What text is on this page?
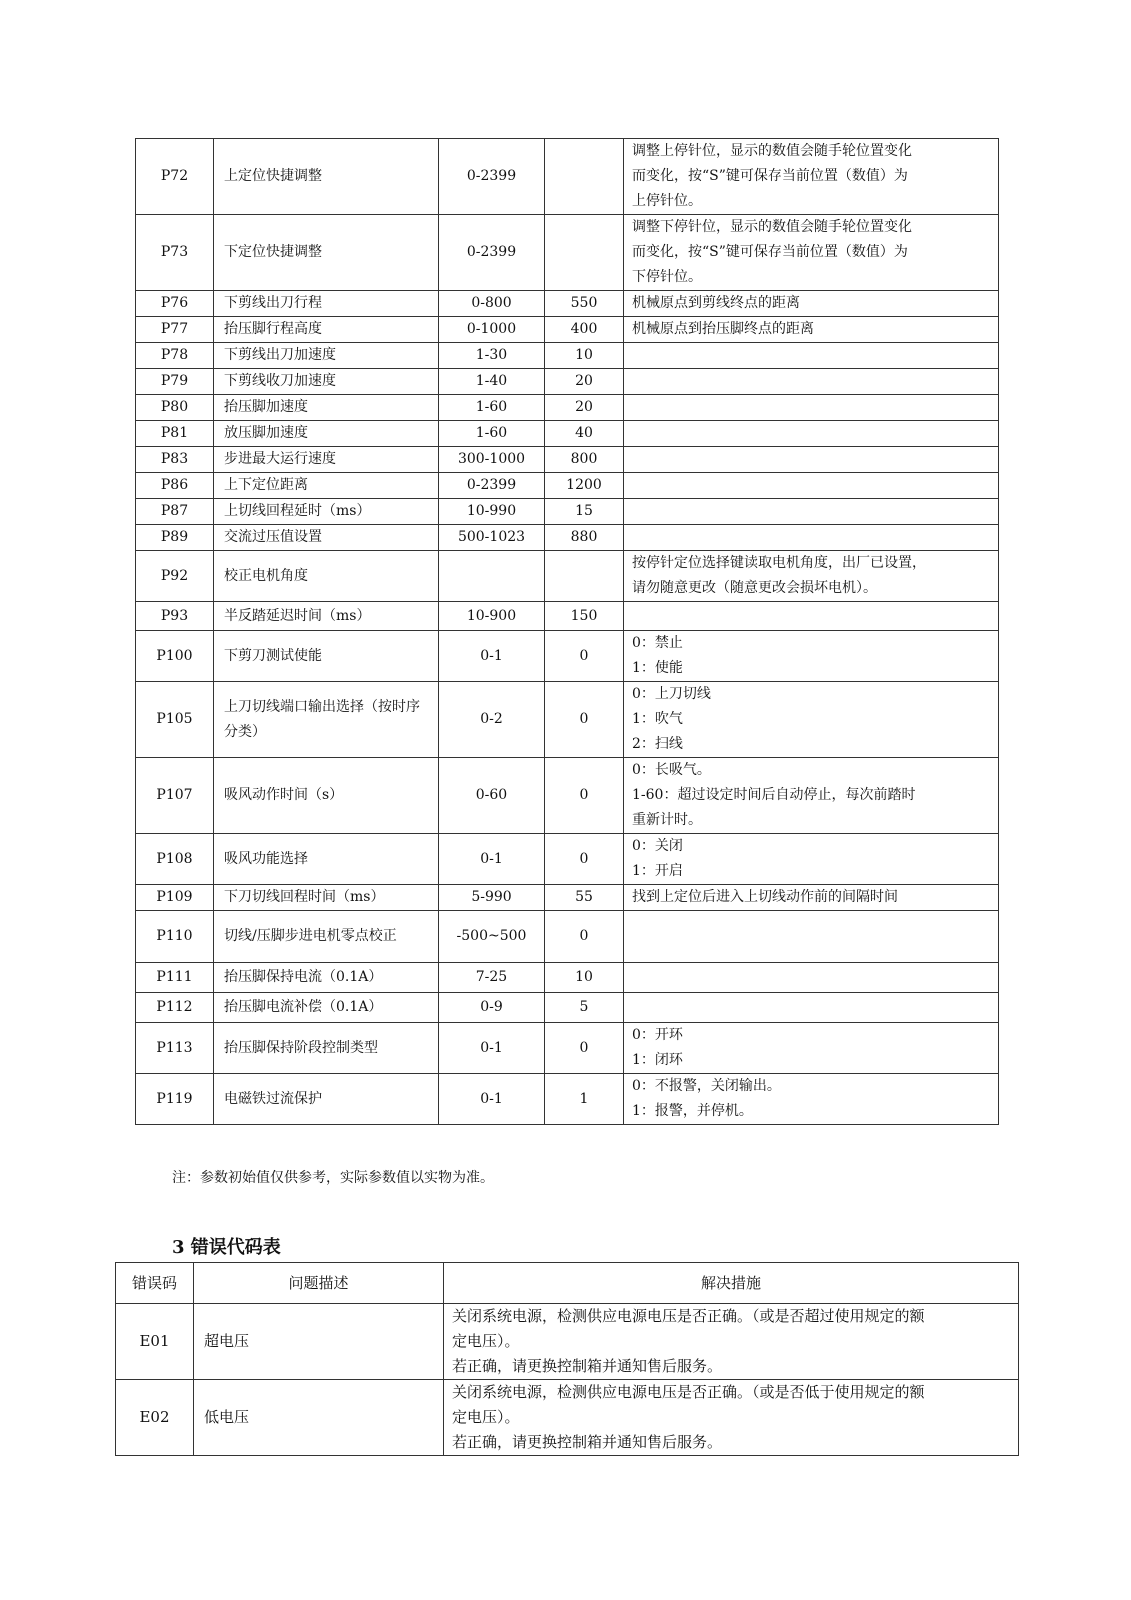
P72	上定位快捷调整	0-2399		调整上停针位，显示的数值会随手轮位置变化
而变化，按“S”键可保存当前位置（数值）为
上停针位。

P73	下定位快捷调整	0-2399		调整下停针位，显示的数值会随手轮位置变化
而变化，按“S”键可保存当前位置（数值）为
下停针位。

P76	下剪线出刀行程	0-800	550	机械原点到剪线终点的距离

P77	抬压脚行程高度	0-1000	400	机械原点到抬压脚终点的距离

P78	下剪线出刀加速度	1-30	10	
P79	下剪线收刀加速度	1-40	20	
P80	抬压脚加速度	1-60	20	
P81	放压脚加速度	1-60	40	
P83	步进最大运行速度	300-1000	800	
P86	上下定位距离	0-2399	1200	
P87	上切线回程延时（ms）	10-990	15	
P89	交流过压值设置	500-1023	880	
P92	校正电机角度			按停针定位选择键读取电机角度，出厂已设置，
请勿随意更改（随意更改会损坏电机）。

P93	半反踏延迟时间（ms）	10-900	150	
P100	下剪刀测试使能	0-1	0	0：禁止
1：使能

P105	上刀切线端口输出选择（按时序分类）	0-2	0	0：上刀切线
1：吹气
2：扫线

P107	吸风动作时间（s）	0-60	0	0：长吸气。
1-60：超过设定时间后自动停止，每次前踏时
重新计时。

P108	吸风功能选择	0-1	0	0：关闭
1：开启

P109	下刀切线回程时间（ms）	5-990	55	找到上定位后进入上切线动作前的间隔时间

P110	切线/压脚步进电机零点校正	-500~500	0	
P111	抬压脚保持电流（0.1A）	7-25	10	
P112	抬压脚电流补偿（0.1A）	0-9	5	
P113	抬压脚保持阶段控制类型	0-1	0	0：开环
1：闭环

P119	电磁铁过流保护	0-1	1	0：不报警，关闭输出。
1：报警，并停机。
注：参数初始值仅供参考，实际参数值以实物为准。
3 错误代码表
错误码	问题描述	解决措施
E01	超电压	关闭系统电源，检测供应电源电压是否正确。（或是否超过使用规定的额
定电压）。
若正确，请更换控制箱并通知售后服务。

E02	低电压	关闭系统电源，检测供应电源电压是否正确。（或是否低于使用规定的额
定电压）。
若正确，请更换控制箱并通知售后服务。
